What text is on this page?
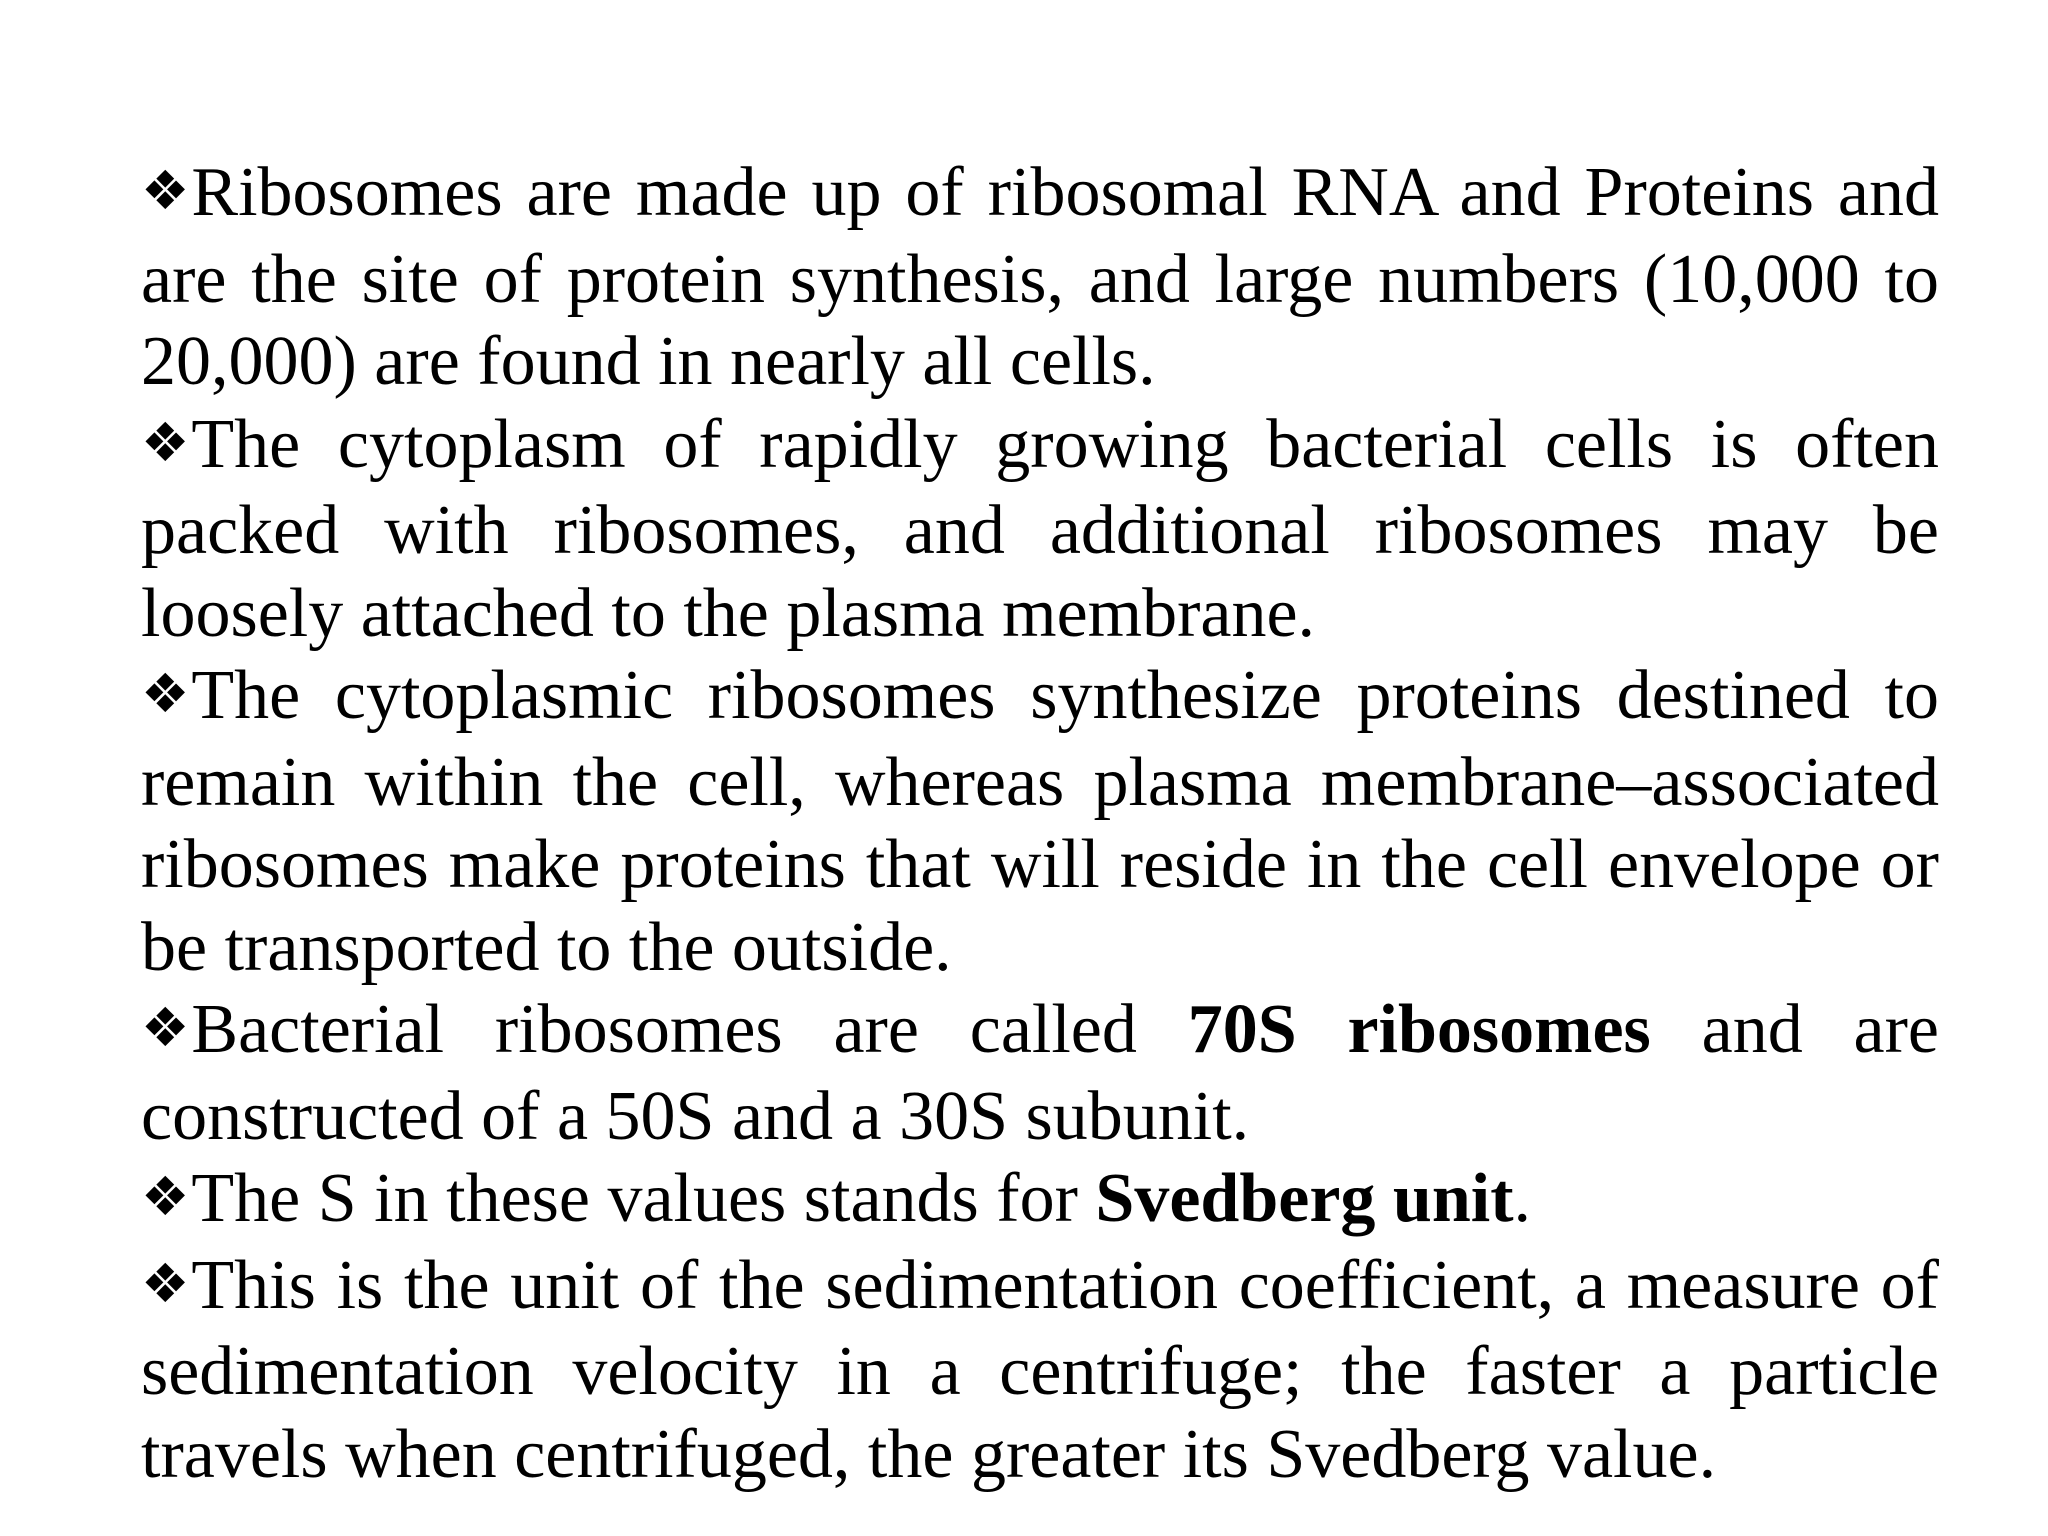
❖Ribosomes are made up of ribosomal RNA and Proteins and are the site of protein synthesis, and large numbers (10,000 to 20,000) are found in nearly all cells.

❖The cytoplasm of rapidly growing bacterial cells is often packed with ribosomes, and additional ribosomes may be loosely attached to the plasma membrane.

❖The cytoplasmic ribosomes synthesize proteins destined to remain within the cell, whereas plasma membrane–associated ribosomes make proteins that will reside in the cell envelope or be transported to the outside.

❖Bacterial ribosomes are called 70S ribosomes and are constructed of a 50S and a 30S subunit.

❖The S in these values stands for Svedberg unit.

❖This is the unit of the sedimentation coefficient, a measure of sedimentation velocity in a centrifuge; the faster a particle travels when centrifuged, the greater its Svedberg value.
